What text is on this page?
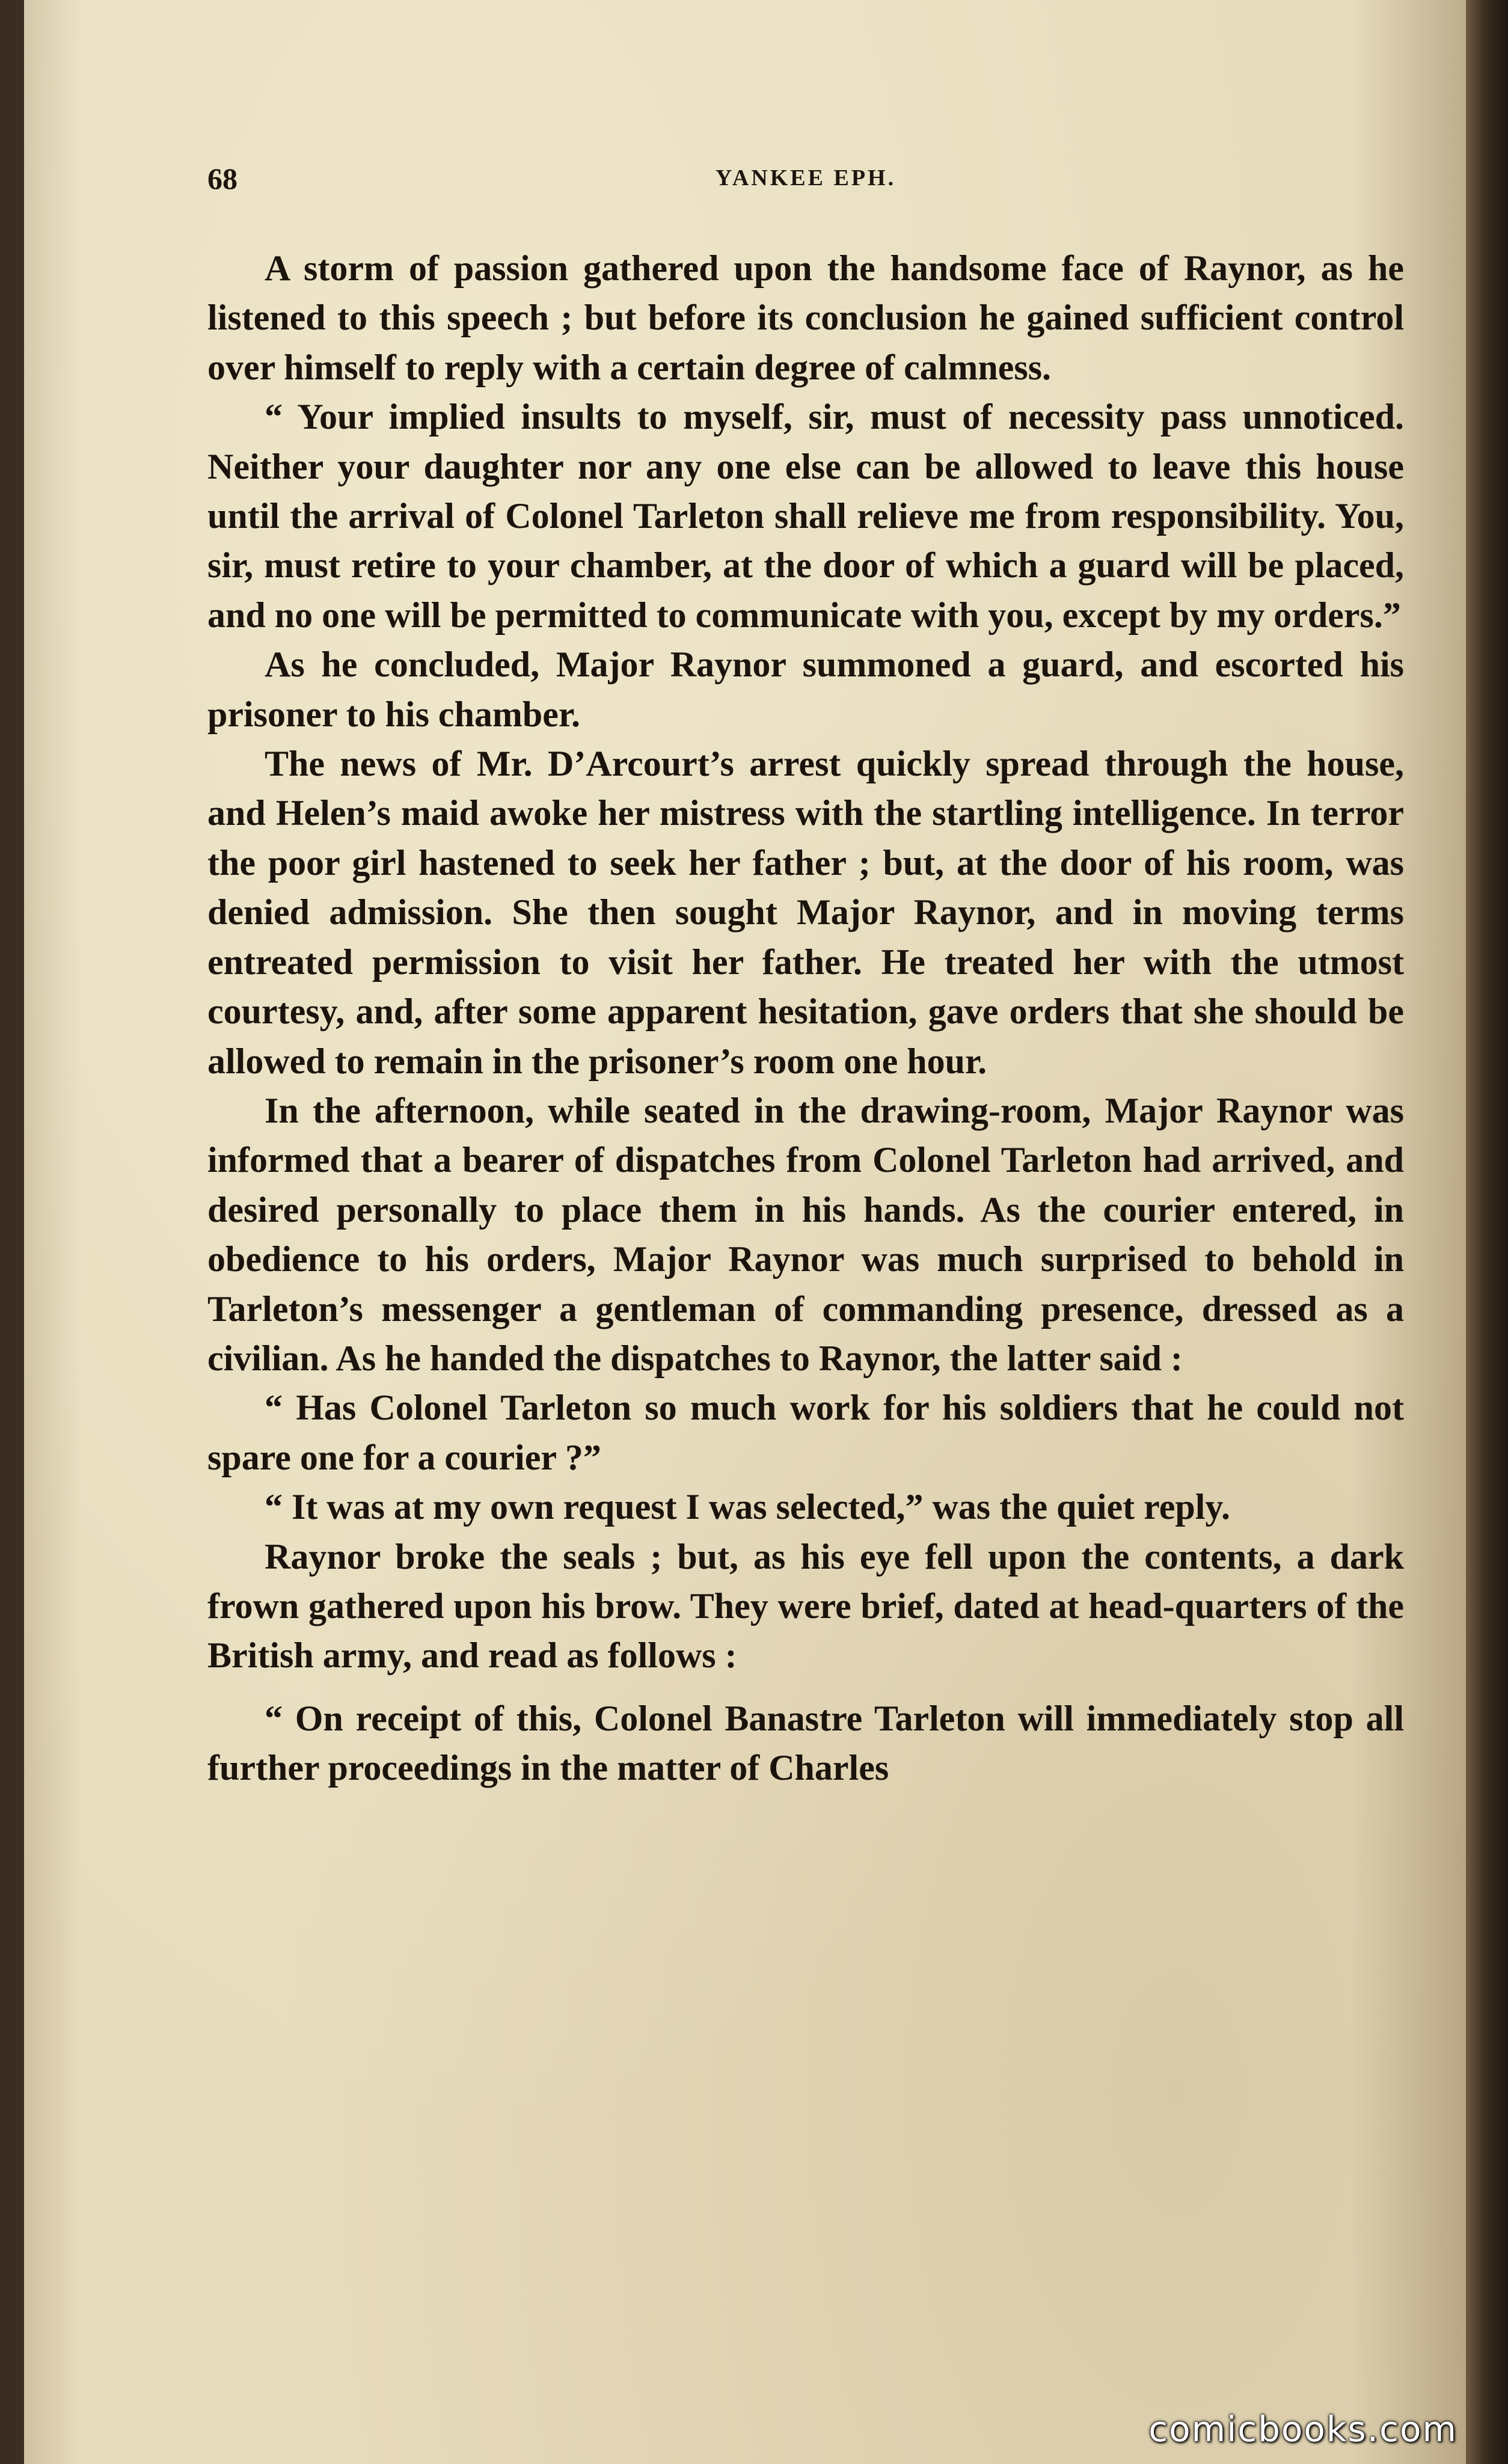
68	YANKEE EPH.

A storm of passion gathered upon the handsome face of Raynor, as he listened to this speech ; but before its conclusion he gained sufficient control over himself to reply with a certain degree of calmness.

“ Your implied insults to myself, sir, must of necessity pass unnoticed. Neither your daughter nor any one else can be allowed to leave this house until the arrival of Colonel Tarleton shall relieve me from responsibility. You, sir, must retire to your chamber, at the door of which a guard will be placed, and no one will be permitted to communicate with you, except by my orders.”

As he concluded, Major Raynor summoned a guard, and escorted his prisoner to his chamber.

The news of Mr. D’Arcourt’s arrest quickly spread through the house, and Helen’s maid awoke her mistress with the startling intelligence. In terror the poor girl hastened to seek her father ; but, at the door of his room, was denied admission. She then sought Major Raynor, and in moving terms entreated permission to visit her father. He treated her with the utmost courtesy, and, after some apparent hesitation, gave orders that she should be allowed to remain in the prisoner’s room one hour.

In the afternoon, while seated in the drawing-room, Major Raynor was informed that a bearer of dispatches from Colonel Tarleton had arrived, and desired personally to place them in his hands. As the courier entered, in obedience to his orders, Major Raynor was much surprised to behold in Tarleton’s messenger a gentleman of commanding presence, dressed as a civilian. As he handed the dispatches to Raynor, the latter said :

“ Has Colonel Tarleton so much work for his soldiers that he could not spare one for a courier ?”

“ It was at my own request I was selected,” was the quiet reply.

Raynor broke the seals ; but, as his eye fell upon the contents, a dark frown gathered upon his brow. They were brief, dated at head-quarters of the British army, and read as follows :

“ On receipt of this, Colonel Banastre Tarleton will immediately stop all further proceedings in the matter of Charles

comicbooks.com
